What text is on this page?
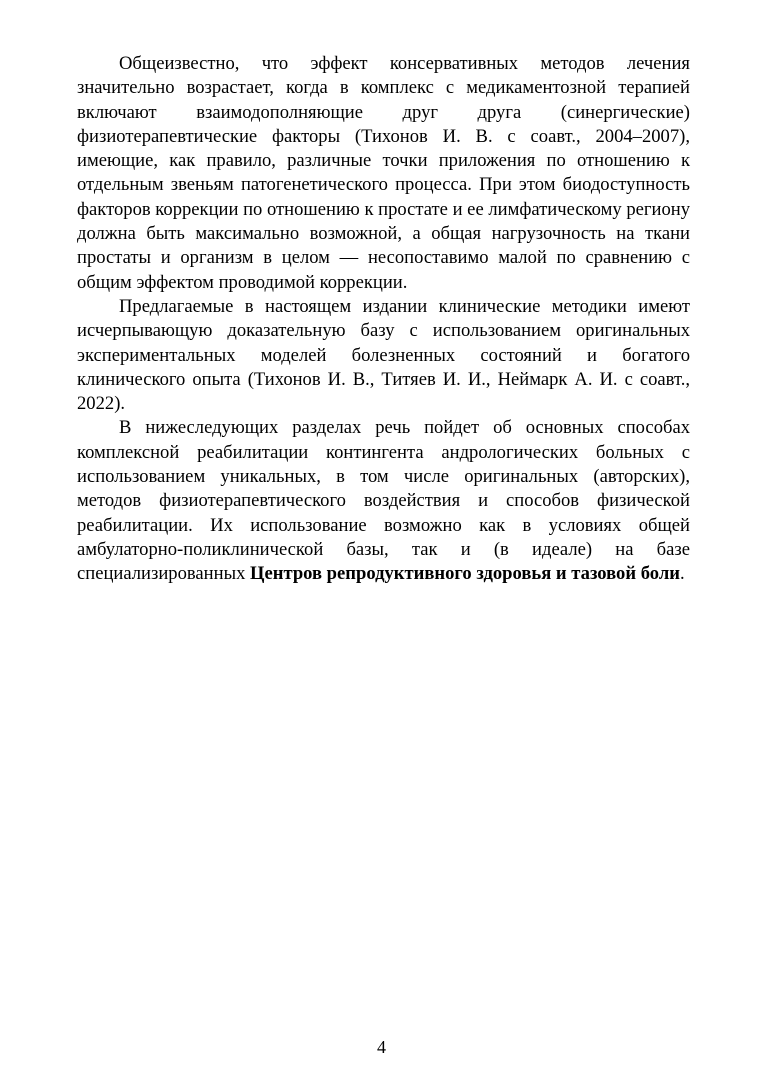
Общеизвестно, что эффект консервативных методов лечения значительно возрастает, когда в комплекс с медикаментозной терапией включают взаимодополняющие друг друга (синергические) физиотерапевтические факторы (Тихонов И. В. с соавт., 2004–2007), имеющие, как правило, различные точки приложения по отношению к отдельным звеньям патогенетического процесса. При этом биодоступность факторов коррекции по отношению к простате и ее лимфатическому региону должна быть максимально возможной, а общая нагрузочность на ткани простаты и организм в целом — несопоставимо малой по сравнению с общим эффектом проводимой коррекции.

Предлагаемые в настоящем издании клинические методики имеют исчерпывающую доказательную базу с использованием оригинальных экспериментальных моделей болезненных состояний и богатого клинического опыта (Тихонов И. В., Титяев И. И., Неймарк А. И. с соавт., 2022).

В нижеследующих разделах речь пойдет об основных способах комплексной реабилитации контингента андрологических больных с использованием уникальных, в том числе оригинальных (авторских), методов физиотерапевтического воздействия и способов физической реабилитации. Их использование возможно как в условиях общей амбулаторно-поликлинической базы, так и (в идеале) на базе специализированных Центров репродуктивного здоровья и тазовой боли.

4
